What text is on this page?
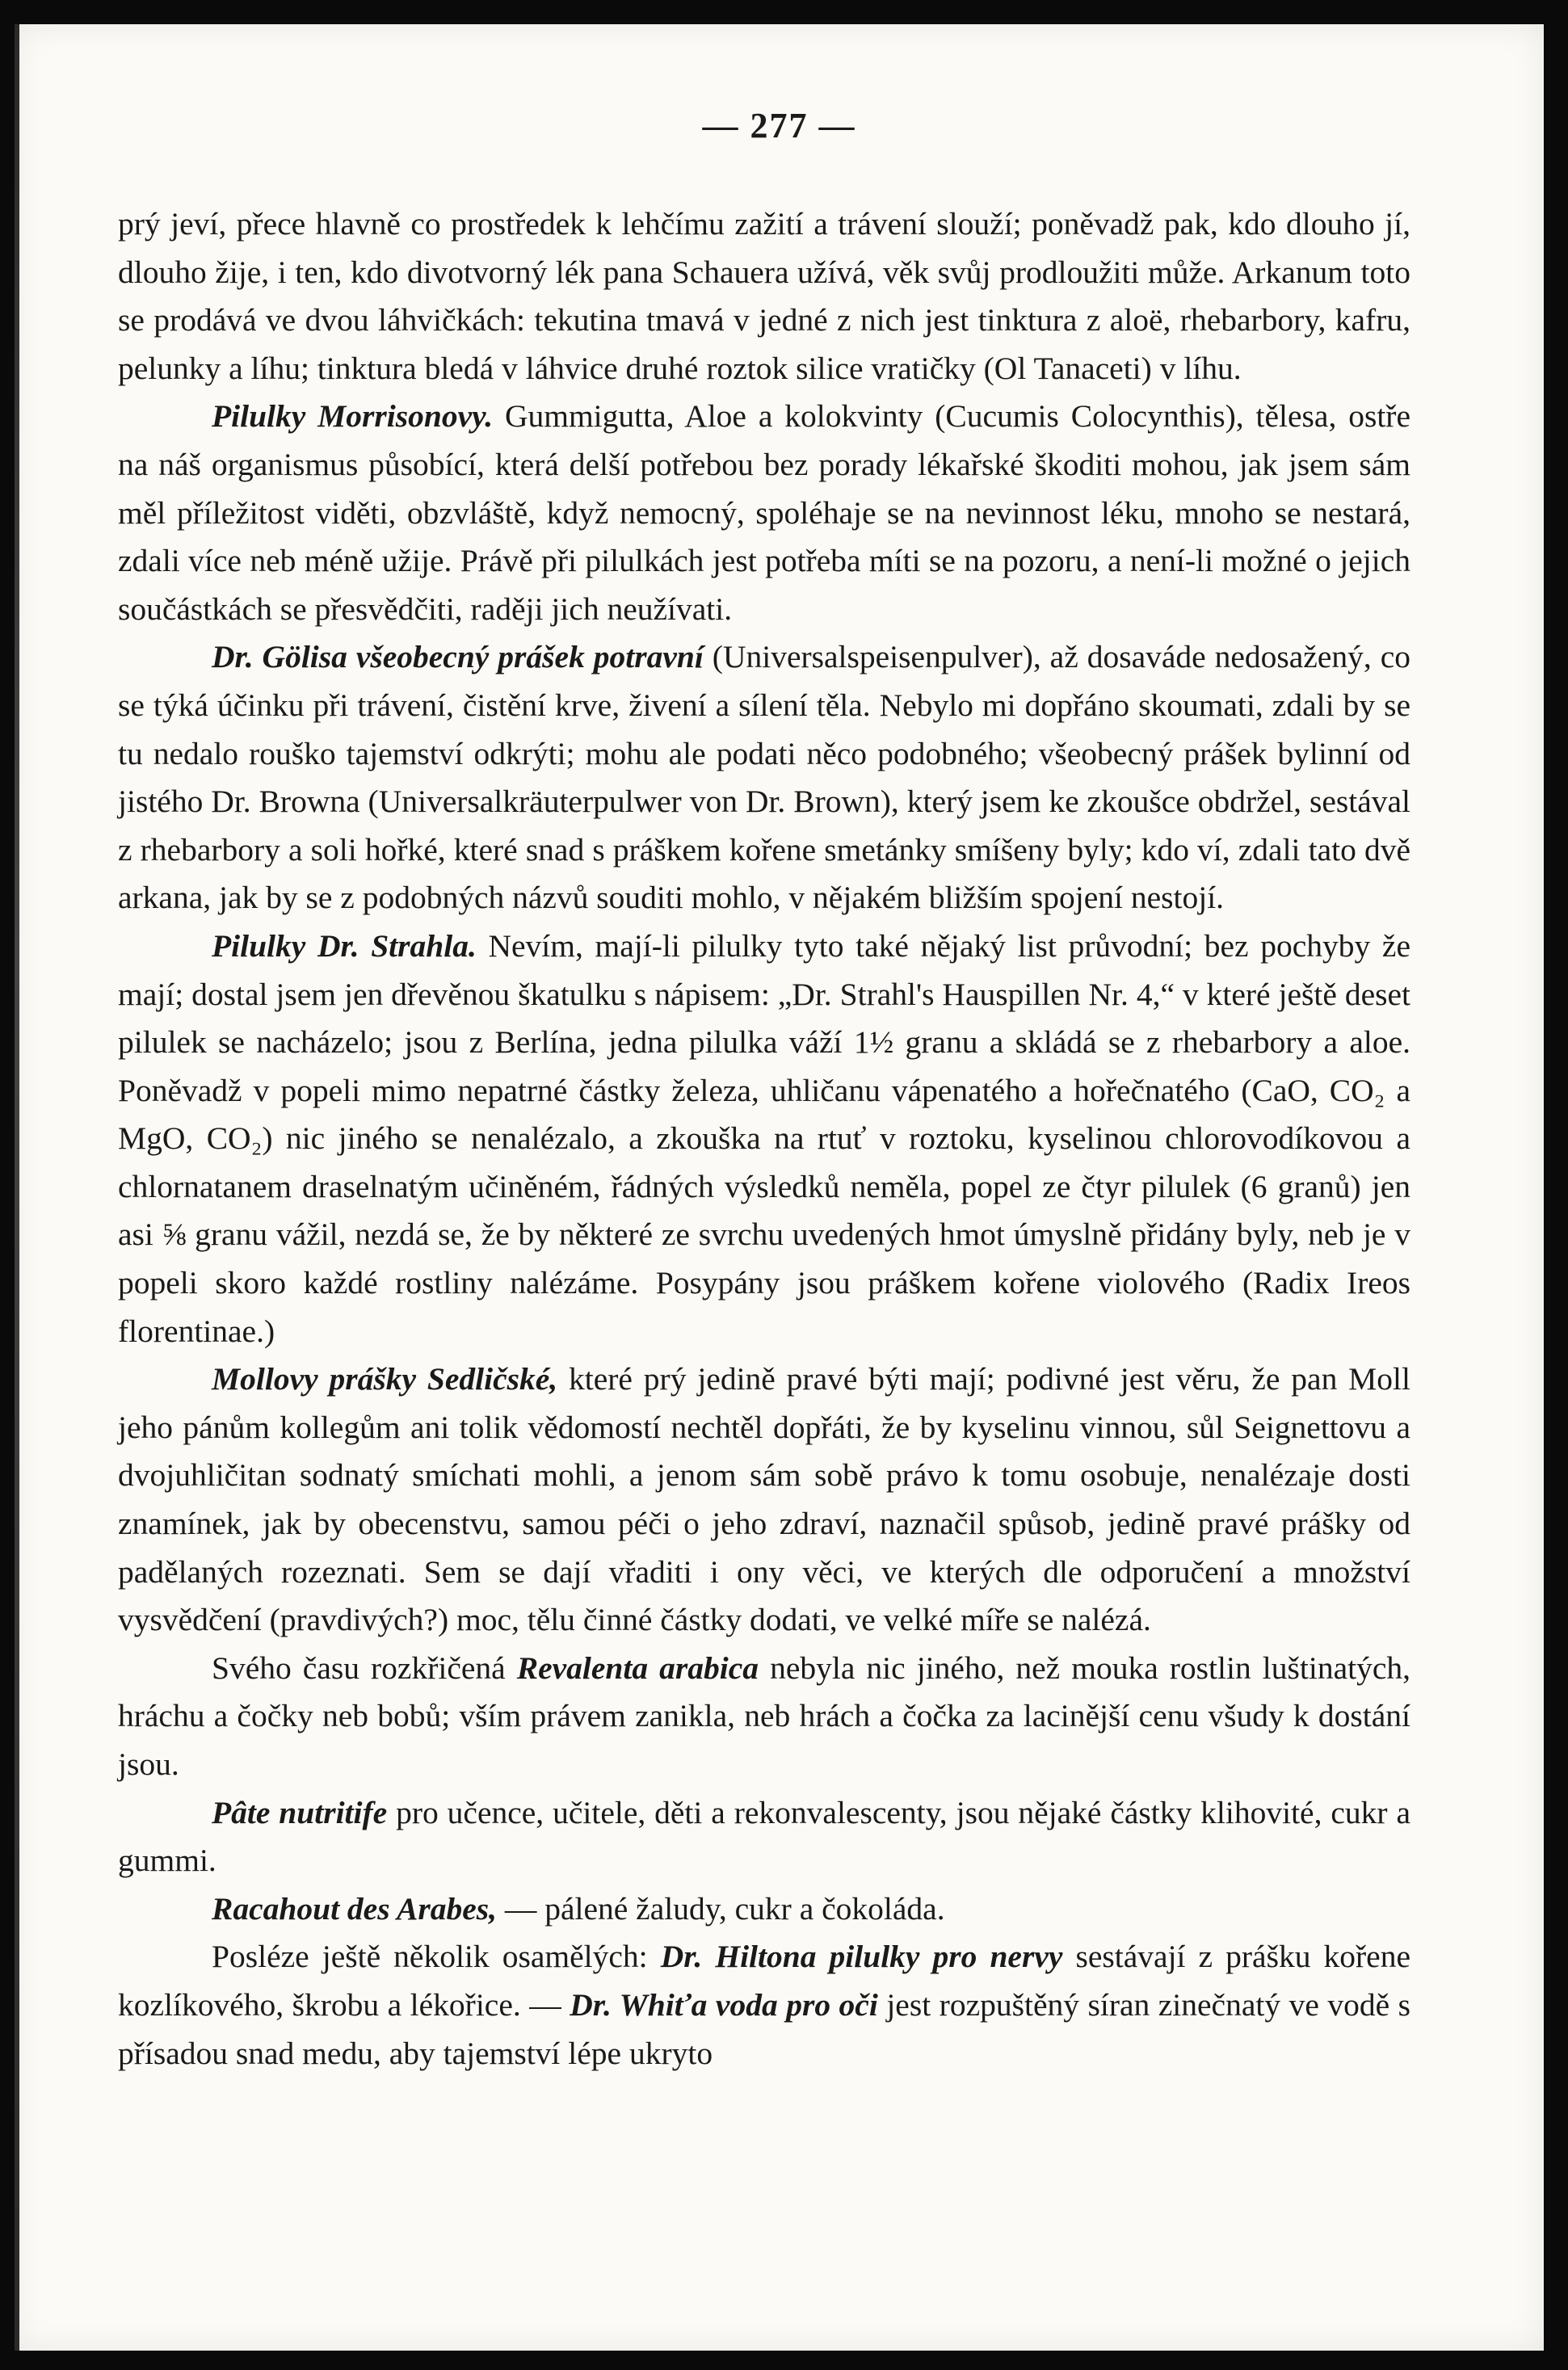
— 277 —

prý jeví, přece hlavně co prostředek k lehčímu zažití a trávení slouží; poněvadž pak, kdo dlouho jí, dlouho žije, i ten, kdo divotvorný lék pana Schauera užívá, věk svůj prodloužiti může. Arkanum toto se prodává ve dvou láhvičkách: tekutina tmavá v jedné z nich jest tinktura z aloë, rhebarbory, kafru, pelunky a líhu; tinktura bledá v láhvice druhé roztok silice vratičky (Ol Tanaceti) v líhu.

Pilulky Morrisonovy. Gummigutta, Aloe a kolokvinty (Cucumis Colocynthis), tělesa, ostře na náš organismus působící, která delší potřebou bez porady lékařské škoditi mohou, jak jsem sám měl příležitost viděti, obzvláště, když nemocný, spoléhaje se na nevinnost léku, mnoho se nestará, zdali více neb méně užije. Právě při pilulkách jest potřeba míti se na pozoru, a není-li možné o jejich součástkách se přesvědčiti, raději jich neužívati.

Dr. Gölisa všeobecný prášek potravní (Universalspeisenpulver), až dosaváde nedosažený, co se týká účinku při trávení, čistění krve, živení a sílení těla. Nebylo mi dopřáno skoumati, zdali by se tu nedalo rouško tajemství odkrýti; mohu ale podati něco podobného; všeobecný prášek bylinní od jistého Dr. Browna (Universalkräuterpulwer von Dr. Brown), který jsem ke zkoušce obdržel, sestával z rhebarbory a soli hořké, které snad s práškem kořene smetánky smíšeny byly; kdo ví, zdali tato dvě arkana, jak by se z podobných názvů souditi mohlo, v nějakém bližším spojení nestojí.

Pilulky Dr. Strahla. Nevím, mají-li pilulky tyto také nějaký list průvodní; bez pochyby že mají; dostal jsem jen dřevěnou škatulku s nápisem: „Dr. Strahl's Hauspillen Nr. 4,“ v které ještě deset pilulek se nacházelo; jsou z Berlína, jedna pilulka váží 1½ granu a skládá se z rhebarbory a aloe. Poněvadž v popeli mimo nepatrné částky železa, uhličanu vápenatého a hořečnatého (CaO, CO₂ a MgO, CO₂) nic jiného se nenalézalo, a zkouška na rtuť v roztoku, kyselinou chlorovodíkovou a chlornatanem draselnatým učiněném, řádných výsledků neměla, popel ze čtyr pilulek (6 granů) jen asi ⅝ granu vážil, nezdá se, že by některé ze svrchu uvedených hmot úmyslně přidány byly, neb je v popeli skoro každé rostliny nalézáme. Posypány jsou práškem kořene violového (Radix Ireos florentinae.)

Mollovy prášky Sedličské, které prý jedině pravé býti mají; podivné jest věru, že pan Moll jeho pánům kollegům ani tolik vědomostí nechtěl dopřáti, že by kyselinu vinnou, sůl Seignettovu a dvojuhličitan sodnatý smíchati mohli, a jenom sám sobě právo k tomu osobuje, nenalézaje dosti znamínek, jak by obecenstvu, samou péči o jeho zdraví, naznačil spůsob, jedině pravé prášky od padělaných rozeznati. Sem se dají vřaditi i ony věci, ve kterých dle odporučení a množství vysvědčení (pravdivých?) moc, tělu činné částky dodati, ve velké míře se nalézá.

Svého času rozkřičená Revalenta arabica nebyla nic jiného, než mouka rostlin luštinatých, hráchu a čočky neb bobů; vším právem zanikla, neb hrách a čočka za lacinější cenu všudy k dostání jsou.

Pâte nutritife pro učence, učitele, děti a rekonvalescenty, jsou nějaké částky klihovité, cukr a gummi.

Racahout des Arabes, — pálené žaludy, cukr a čokoláda.

Posléze ještě několik osamělých: Dr. Hiltona pilulky pro nervy sestávají z prášku kořene kozlíkového, škrobu a lékořice. — Dr. Whiťa voda pro oči jest rozpuštěný síran zinečnatý ve vodě s přísadou snad medu, aby tajemství lépe ukryto
